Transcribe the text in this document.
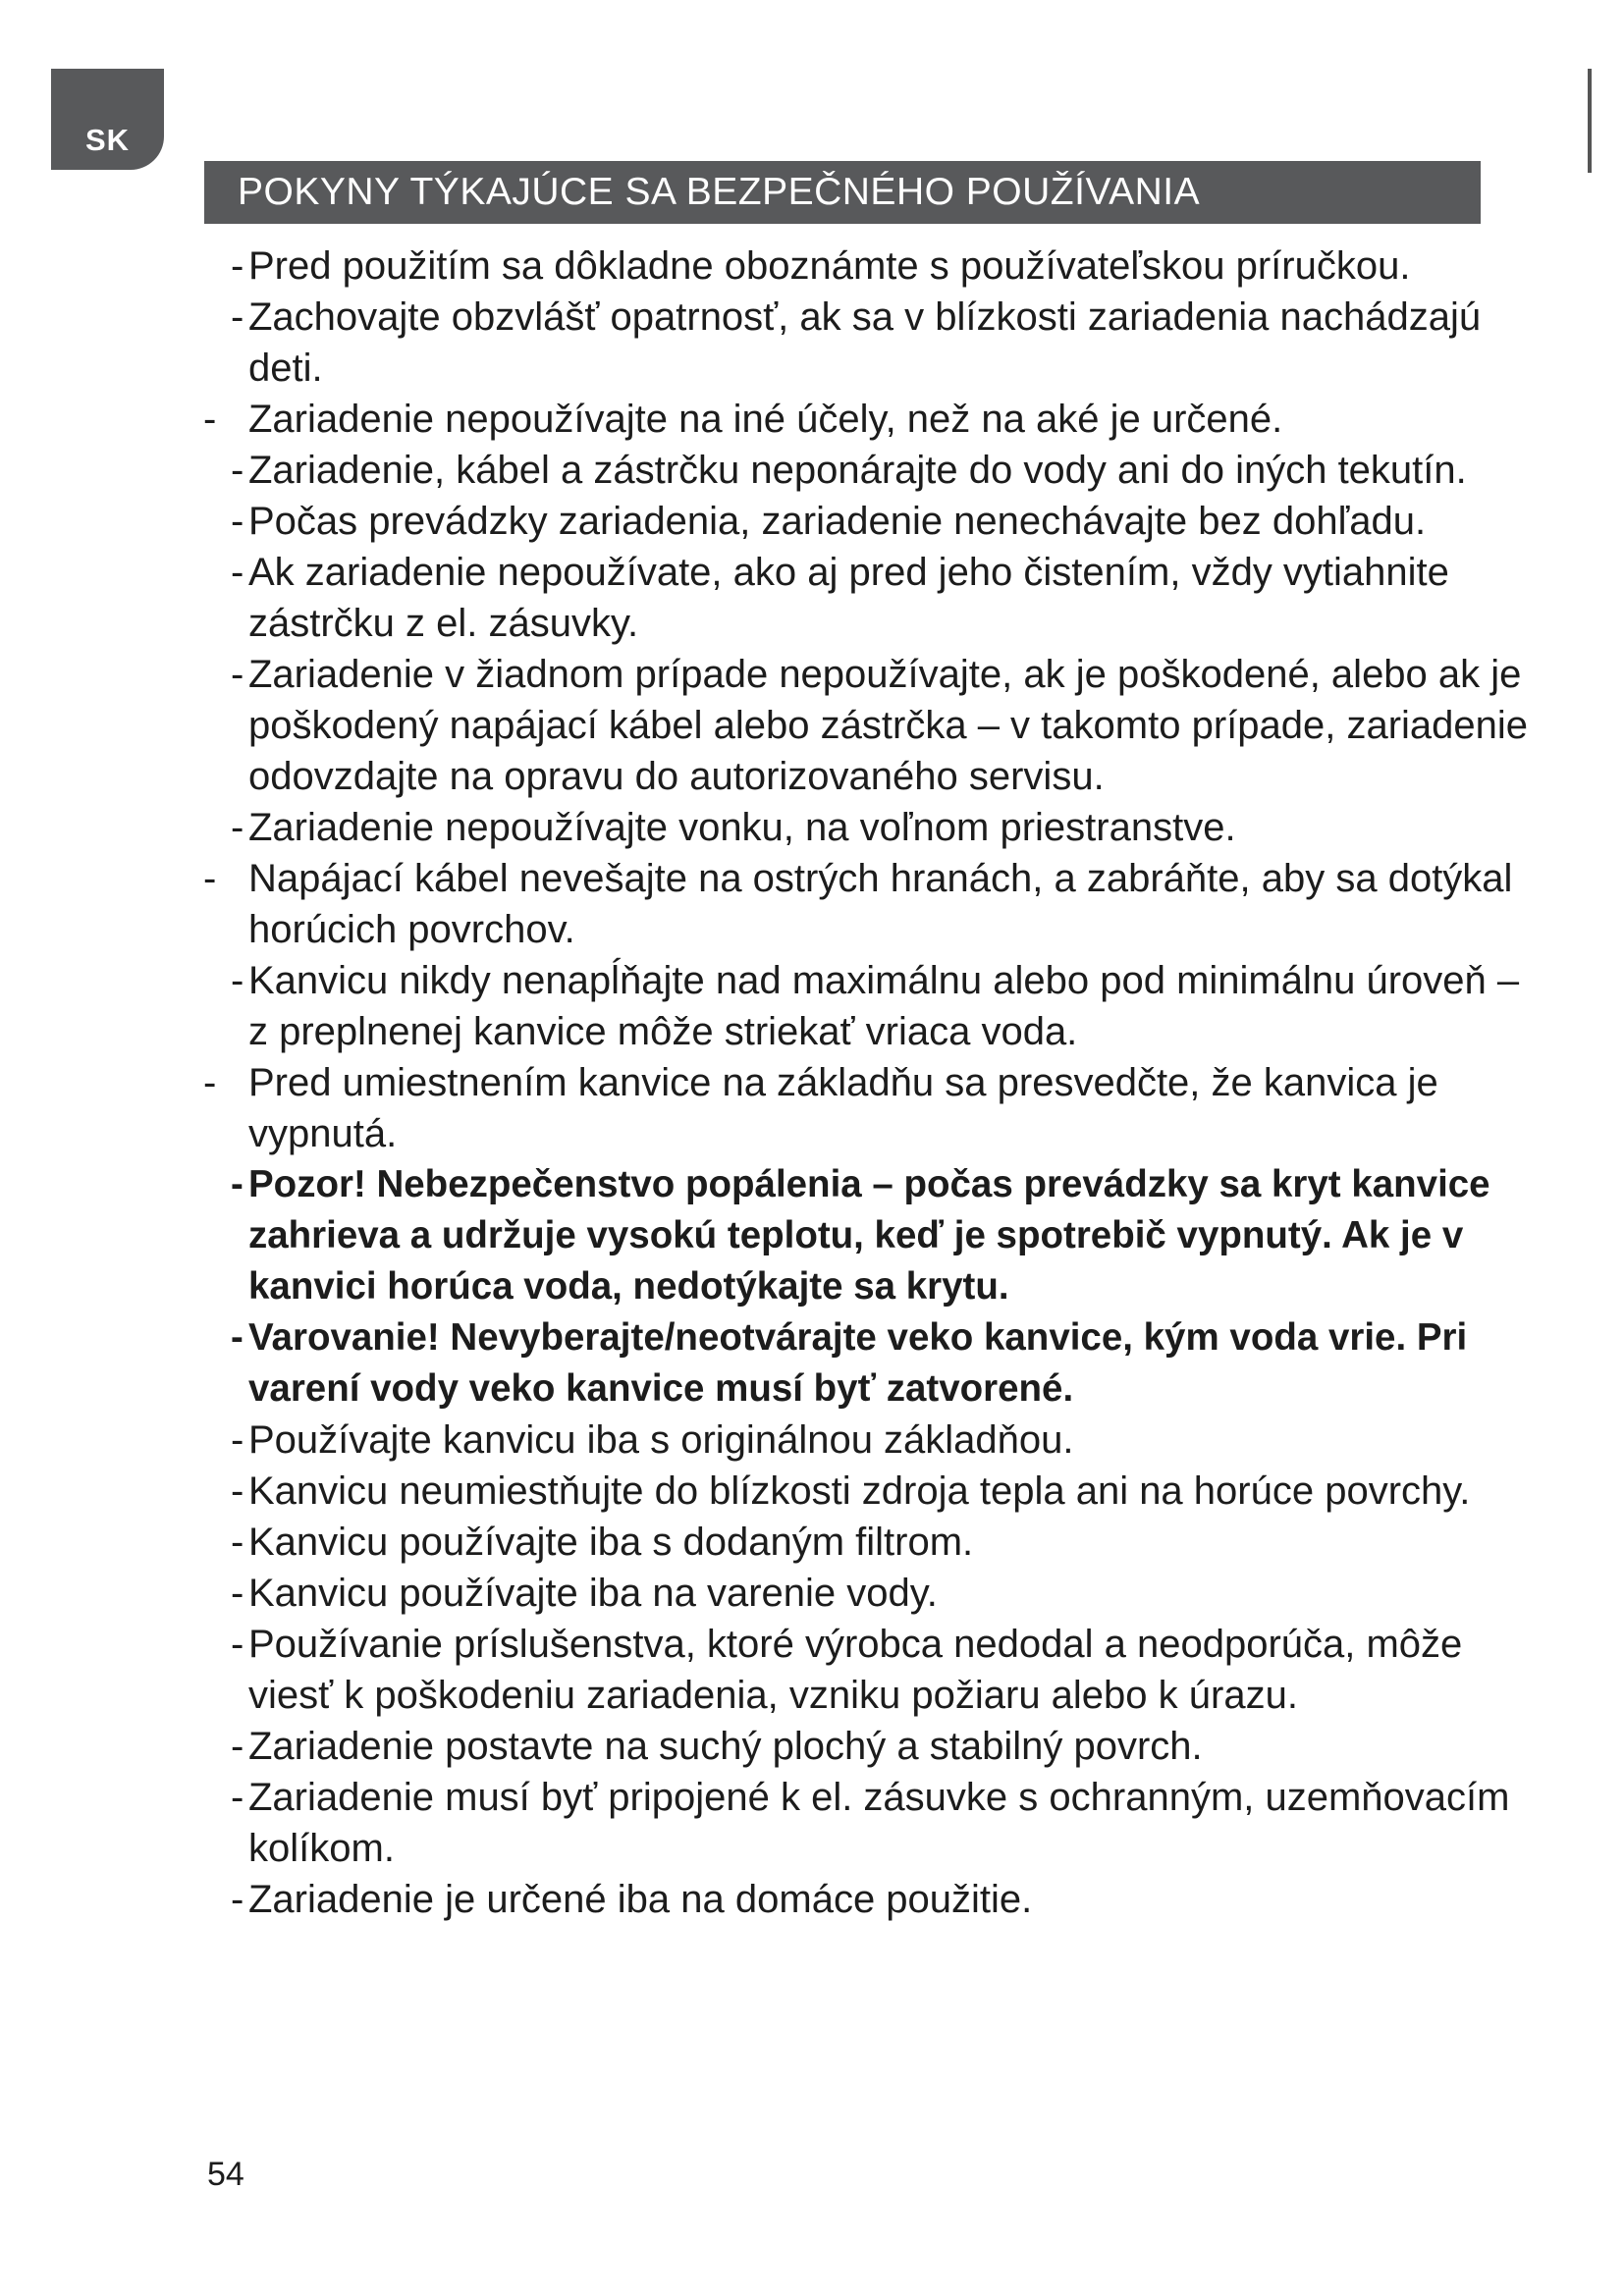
SK
POKYNY TÝKAJÚCE SA BEZPEČNÉHO POUŽÍVANIA
- Pred použitím sa dôkladne oboznámte s používateľskou príručkou.
- Zachovajte obzvlášť opatrnosť, ak sa v blízkosti zariadenia nachádzajú deti.
- Zariadenie nepoužívajte na iné účely, než na aké je určené.
- Zariadenie, kábel a zástrčku neponárajte do vody ani do iných tekutín.
- Počas prevádzky zariadenia, zariadenie nenechávajte bez dohľadu.
- Ak zariadenie nepoužívate, ako aj pred jeho čistením, vždy vytiahnite zástrčku z el. zásuvky.
- Zariadenie v žiadnom prípade nepoužívajte, ak je poškodené, alebo ak je poškodený napájací kábel alebo zástrčka – v takomto prípade, zariadenie odovzdajte na opravu do autorizovaného servisu.
- Zariadenie nepoužívajte vonku, na voľnom priestranstve.
- Napájací kábel nevešajte na ostrých hranách, a zabráňte, aby sa dotýkal horúcich povrchov.
- Kanvicu nikdy nenapĺňajte nad maximálnu alebo pod minimálnu úroveň – z preplnenej kanvice môže striekať vriaca voda.
- Pred umiestnením kanvice na základňu sa presvedčte, že kanvica je vypnutá.
- Pozor! Nebezpečenstvo popálenia – počas prevádzky sa kryt kanvice zahrieva a udržuje vysokú teplotu, keď je spotrebič vypnutý. Ak je v kanvici horúca voda, nedotýkajte sa krytu.
- Varovanie! Nevyberajte/neotvárajte veko kanvice, kým voda vrie. Pri varení vody veko kanvice musí byť zatvorené.
- Používajte kanvicu iba s originálnou základňou.
- Kanvicu neumiestňujte do blízkosti zdroja tepla ani na horúce povrchy.
- Kanvicu používajte iba s dodaným filtrom.
- Kanvicu používajte iba na varenie vody.
- Používanie príslušenstva, ktoré výrobca nedodal a neodporúča, môže viesť k poškodeniu zariadenia, vzniku požiaru alebo k úrazu.
- Zariadenie postavte na suchý plochý a stabilný povrch.
- Zariadenie musí byť pripojené k el. zásuvke s ochranným, uzemňovacím kolíkom.
- Zariadenie je určené iba na domáce použitie.
54
